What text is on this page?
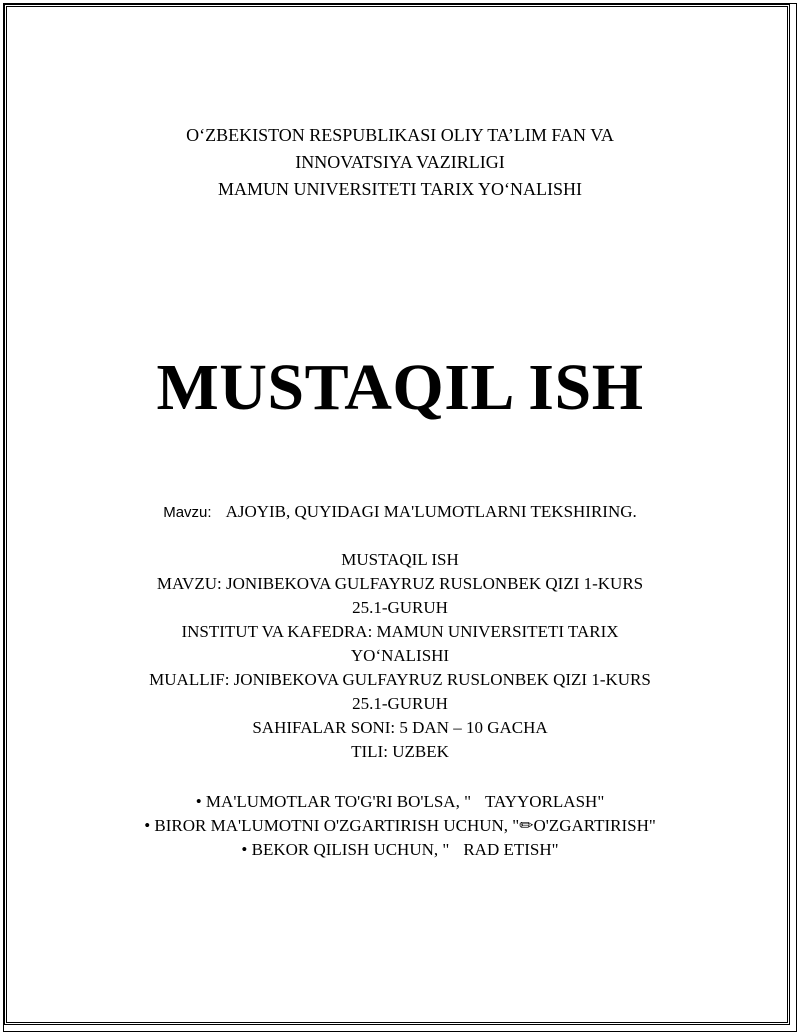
O‘ZBEKISTON RESPUBLIKASI OLIY TA’LIM FAN VA
INNOVATSIYA VAZIRLIGI
MAMUN UNIVERSITETI TARIX YO‘NALISHI
MUSTAQIL ISH
Mavzu: AJOYIB, QUYIDAGI MA'LUMOTLARNI TEKSHIRING.
MUSTAQIL ISH
MAVZU: JONIBEKOVA GULFAYRUZ RUSLONBEK QIZI 1-KURS
25.1-GURUH
INSTITUT VA KAFEDRA: MAMUN UNIVERSITETI TARIX
YO‘NALISHI
MUALLIF: JONIBEKOVA GULFAYRUZ RUSLONBEK QIZI 1-KURS
25.1-GURUH
SAHIFALAR SONI: 5 DAN – 10 GACHA
TILI: UZBEK
• MA'LUMOTLAR TO'G'RI BO'LSA, " TAYYORLASH"
• BIROR MA'LUMOTNI O'ZGARTIRISH UCHUN, "✏O'ZGARTIRISH"
• BEKOR QILISH UCHUN, " RAD ETISH"
